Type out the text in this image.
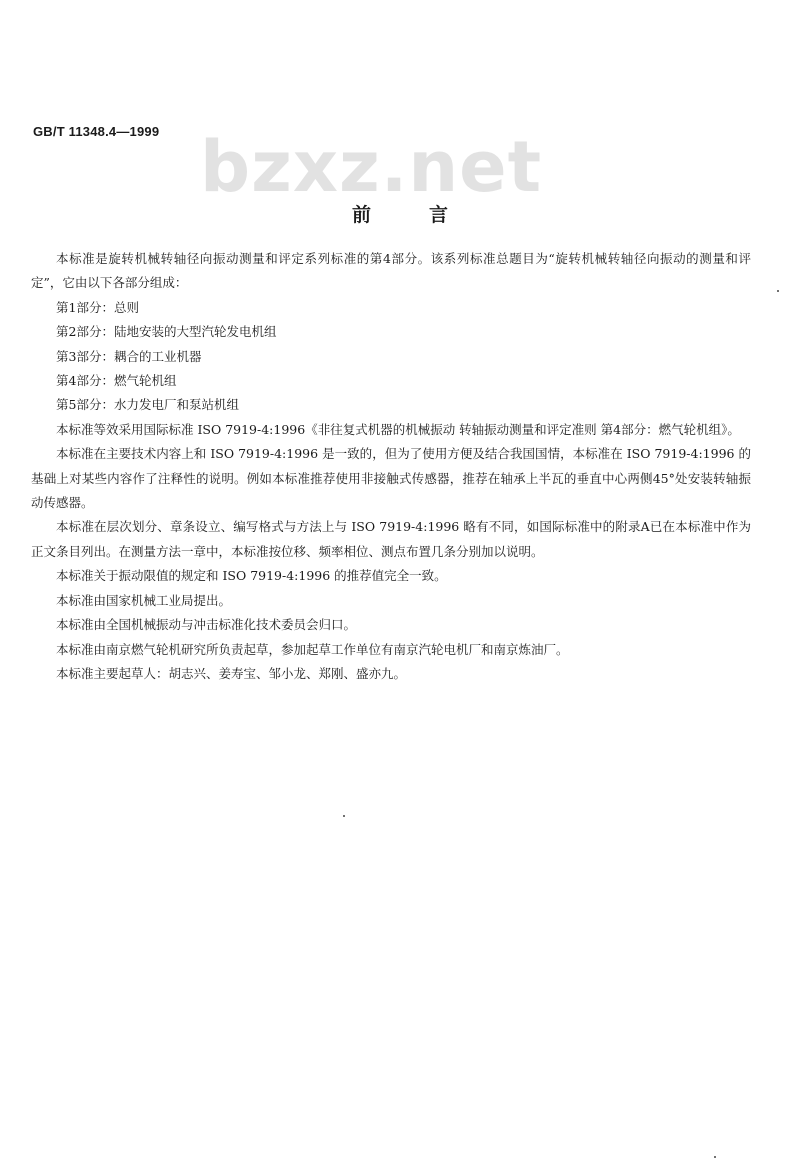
bzxz.net
GB/T 11348.4—1999
前言

本标准是旋转机械转轴径向振动测量和评定系列标准的第4部分。该系列标准总题目为“旋转机械转轴径向振动的测量和评定”，它由以下各部分组成：

第1部分：总则

第2部分：陆地安装的大型汽轮发电机组

第3部分：耦合的工业机器

第4部分：燃气轮机组

第5部分：水力发电厂和泵站机组

本标准等效采用国际标准 ISO 7919-4:1996《非往复式机器的机械振动 转轴振动测量和评定准则 第4部分：燃气轮机组》。

本标准在主要技术内容上和 ISO 7919-4:1996 是一致的，但为了使用方便及结合我国国情，本标准在 ISO 7919-4:1996 的基础上对某些内容作了注释性的说明。例如本标准推荐使用非接触式传感器，推荐在轴承上半瓦的垂直中心两侧45°处安装转轴振动传感器。

本标准在层次划分、章条设立、编写格式与方法上与 ISO 7919-4:1996 略有不同，如国际标准中的附录A已在本标准中作为正文条目列出。在测量方法一章中，本标准按位移、频率相位、测点布置几条分别加以说明。

本标准关于振动限值的规定和 ISO 7919-4:1996 的推荐值完全一致。

本标准由国家机械工业局提出。

本标准由全国机械振动与冲击标准化技术委员会归口。

本标准由南京燃气轮机研究所负责起草，参加起草工作单位有南京汽轮电机厂和南京炼油厂。

本标准主要起草人：胡志兴、姜寿宝、邹小龙、郑刚、盛亦九。
